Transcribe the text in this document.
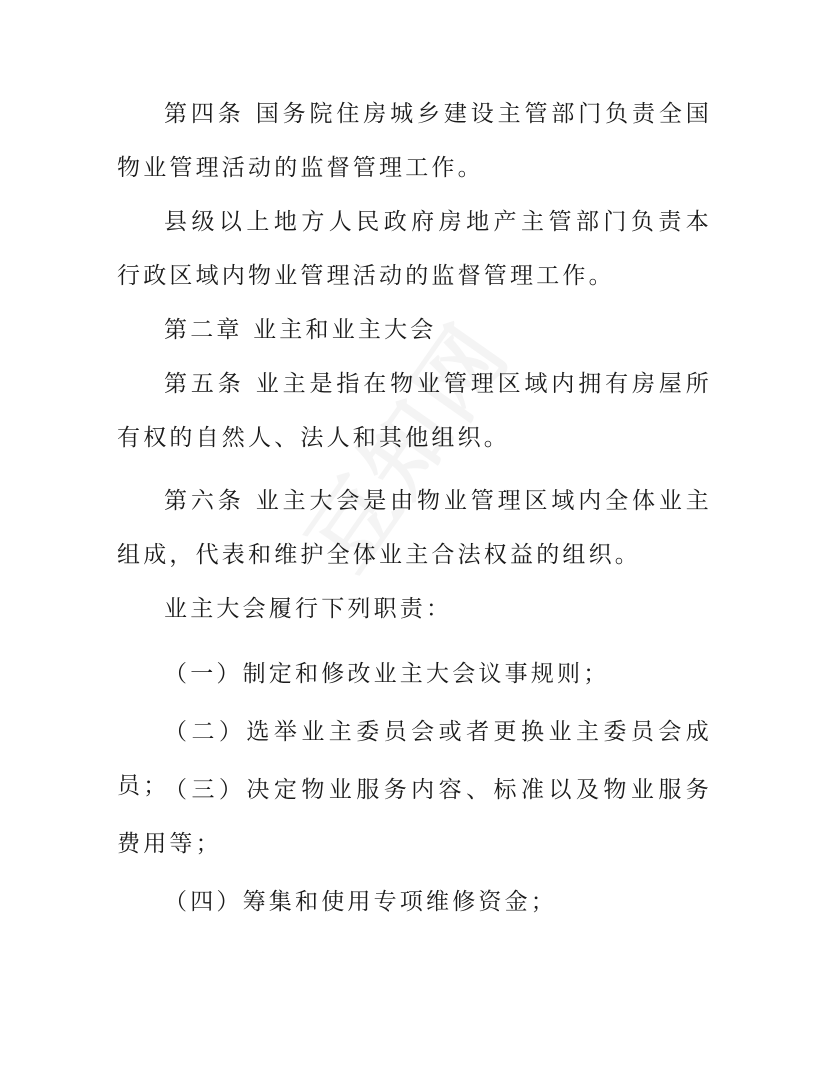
第四条 国务院住房城乡建设主管部门负责全国物业管理活动的监督管理工作。

县级以上地方人民政府房地产主管部门负责本行政区域内物业管理活动的监督管理工作。

第二章 业主和业主大会

第五条 业主是指在物业管理区域内拥有房屋所有权的自然人、法人和其他组织。

第六条 业主大会是由物业管理区域内全体业主组成，代表和维护全体业主合法权益的组织。

业主大会履行下列职责：

（一）制定和修改业主大会议事规则；

（二）选举业主委员会或者更换业主委员会成员；

（三）决定物业服务内容、标准以及物业服务费用等；

（四）筹集和使用专项维修资金；
